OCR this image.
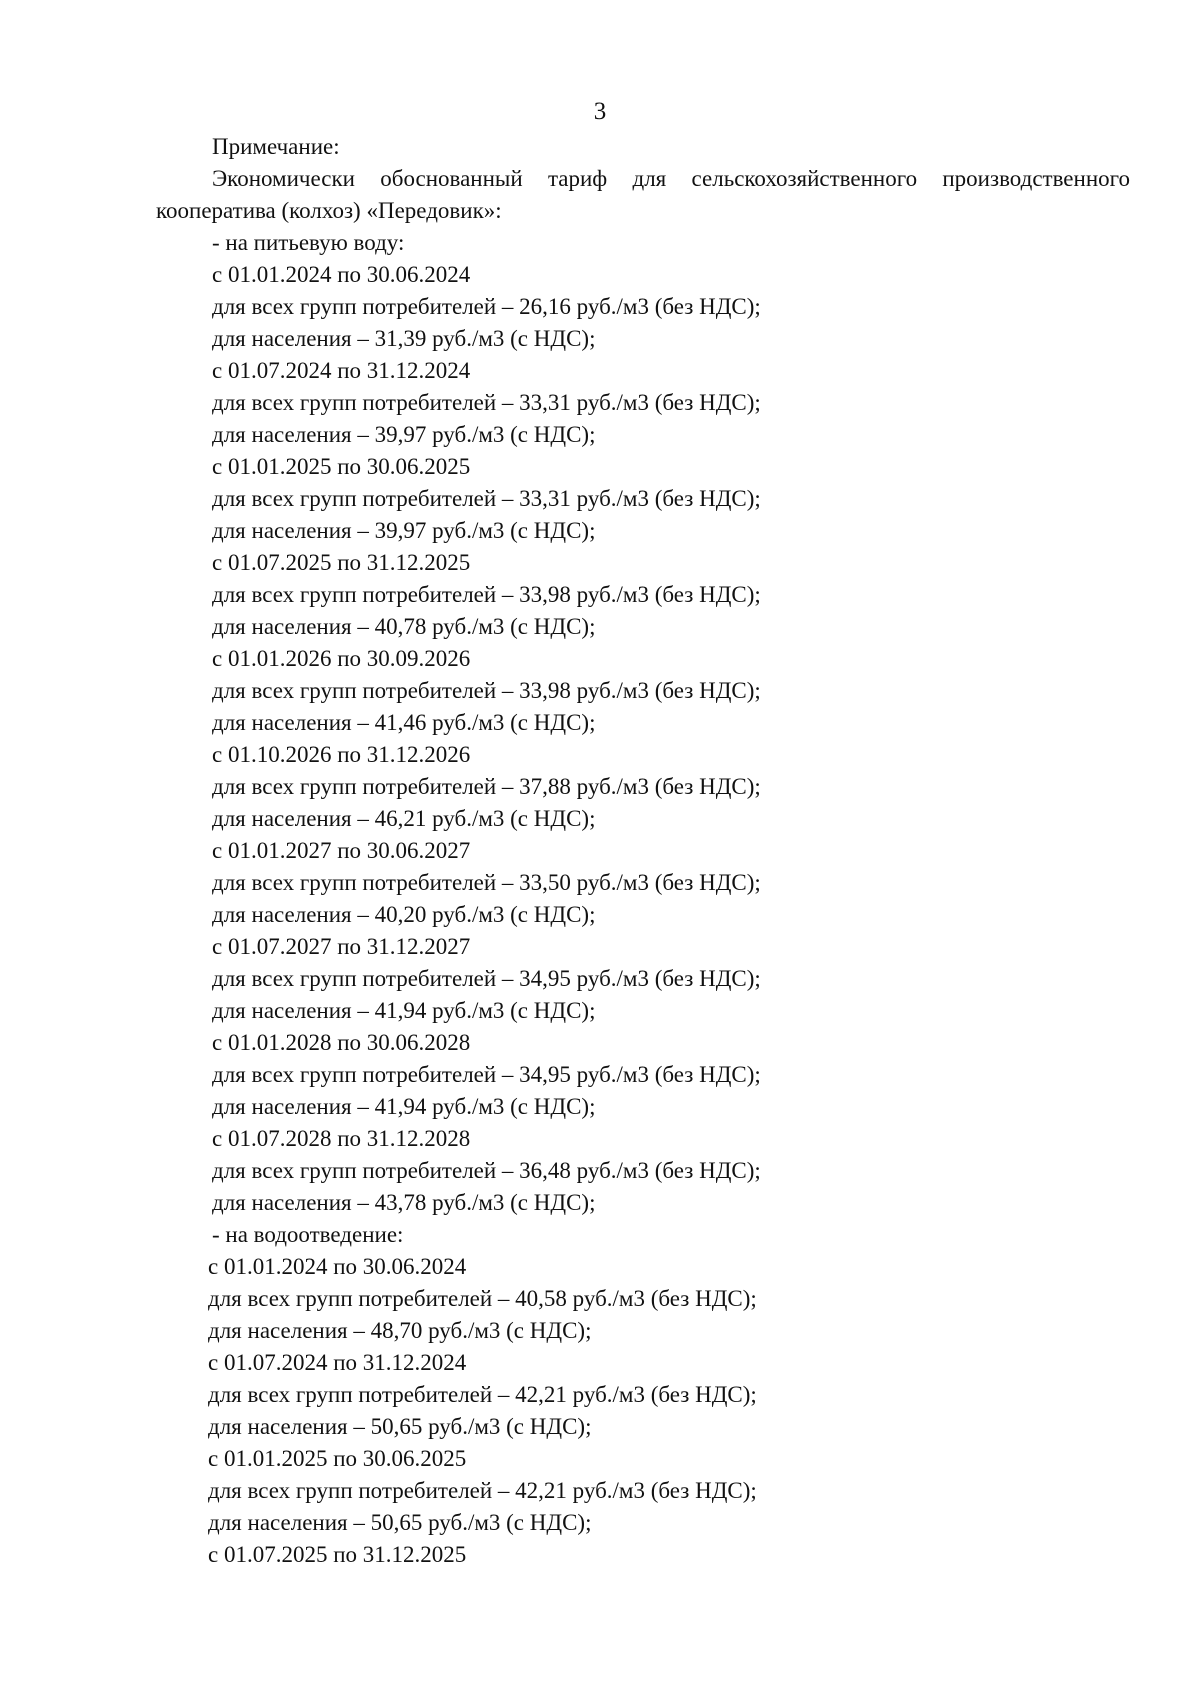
3
Примечание:
Экономически обоснованный тариф для сельскохозяйственного производственного
кооператива (колхоз) «Передовик»:
- на питьевую воду:
с 01.01.2024 по 30.06.2024
для всех групп потребителей – 26,16 руб./м3 (без НДС);
для населения – 31,39 руб./м3 (с НДС);
с 01.07.2024 по 31.12.2024
для всех групп потребителей – 33,31 руб./м3 (без НДС);
для населения – 39,97 руб./м3 (с НДС);
с 01.01.2025 по 30.06.2025
для всех групп потребителей – 33,31 руб./м3 (без НДС);
для населения – 39,97 руб./м3 (с НДС);
с 01.07.2025 по 31.12.2025
для всех групп потребителей – 33,98 руб./м3 (без НДС);
для населения – 40,78 руб./м3 (с НДС);
с 01.01.2026 по 30.09.2026
для всех групп потребителей – 33,98 руб./м3 (без НДС);
для населения – 41,46 руб./м3 (с НДС);
с 01.10.2026 по 31.12.2026
для всех групп потребителей – 37,88 руб./м3 (без НДС);
для населения – 46,21 руб./м3 (с НДС);
с 01.01.2027 по 30.06.2027
для всех групп потребителей – 33,50 руб./м3 (без НДС);
для населения – 40,20 руб./м3 (с НДС);
с 01.07.2027 по 31.12.2027
для всех групп потребителей – 34,95 руб./м3 (без НДС);
для населения – 41,94 руб./м3 (с НДС);
с 01.01.2028 по 30.06.2028
для всех групп потребителей – 34,95 руб./м3 (без НДС);
для населения – 41,94 руб./м3 (с НДС);
с 01.07.2028 по 31.12.2028
для всех групп потребителей – 36,48 руб./м3 (без НДС);
для населения – 43,78 руб./м3 (с НДС);
- на водоотведение:
с 01.01.2024 по 30.06.2024
для всех групп потребителей – 40,58 руб./м3 (без НДС);
для населения – 48,70 руб./м3 (с НДС);
с 01.07.2024 по 31.12.2024
для всех групп потребителей – 42,21 руб./м3 (без НДС);
для населения – 50,65 руб./м3 (с НДС);
с 01.01.2025 по 30.06.2025
для всех групп потребителей – 42,21 руб./м3 (без НДС);
для населения – 50,65 руб./м3 (с НДС);
с 01.07.2025 по 31.12.2025
